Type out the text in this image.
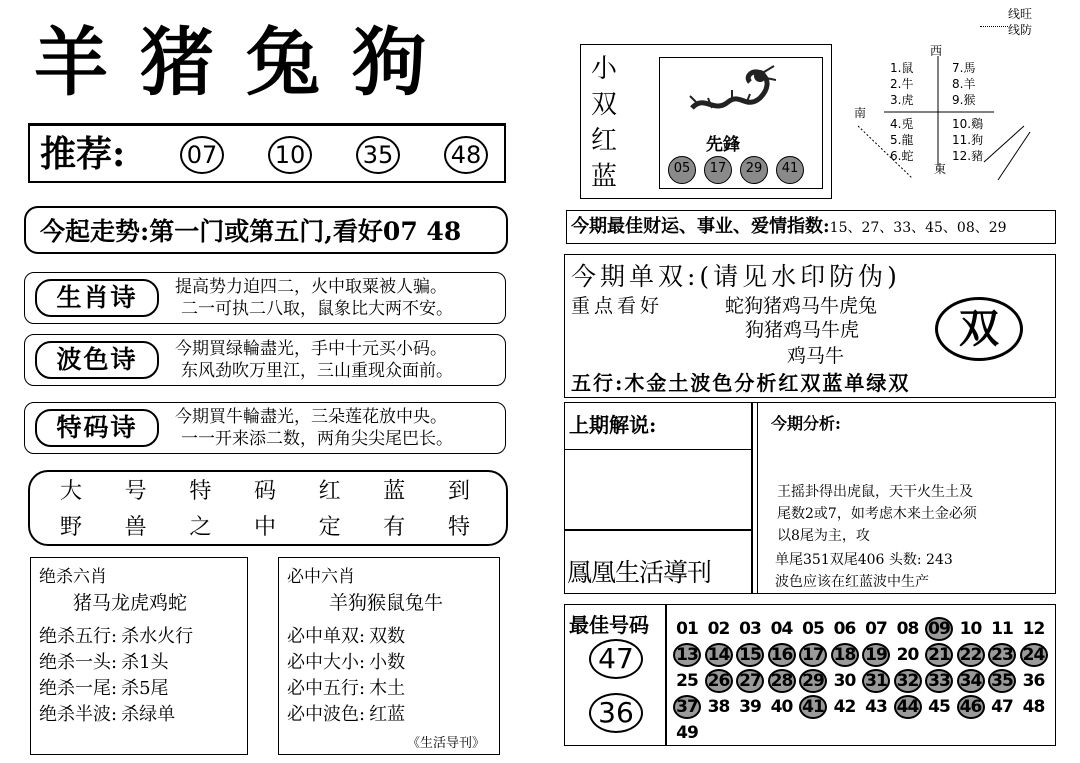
羊猪兔狗
推荐:	07 10 35 48
今起走势:第一门或第五门,看好07 48
生肖诗	提高势力迫四二，火中取粟被人骗。
二一可执二八取，鼠象比大两不安。
波色诗	今期買绿輪盡光，手中十元买小码。
东风劲吹万里江，三山重现众面前。
特码诗	今期買牛輪盡光，三朵莲花放中央。
一一开来添二数，两角尖尖尾巴长。
大 号 特 码 红 蓝 到
野 兽 之 中 定 有 特
绝杀六肖
猪马龙虎鸡蛇
绝杀五行: 杀水火行
绝杀一头: 杀1头
绝杀一尾: 杀5尾
绝杀半波: 杀绿单
必中六肖
羊狗猴鼠兔牛
必中单双: 双数
必中大小: 小数
必中五行: 木土
必中波色: 红蓝
《生活导刊》
小
双
红
蓝
先鋒
05	17	29	41
线旺
线防
西
南
東
1.鼠
2.牛
3.虎
4.兎
5.龍
6.蛇
7.馬
8.羊
9.猴
10.鷄
11.狗
12.豬
今期最佳财运、事业、爱情指数:15、27、33、45、08、29
今期单双:(请见水印防伪)
重点看好	蛇狗猪鸡马牛虎兔
狗猪鸡马牛虎
鸡马牛
双
五行:木金土波色分析红双蓝单绿双
上期解说:
鳳凰生活導刊
今期分析:
王摇卦得出虎鼠，天干火生土及
尾数2或7，如考虑木来土金必须
以8尾为主，攻
单尾351双尾406 头数: 243
波色应该在红蓝波中生产
最佳号码
47
36
01 02 03 04 05 06 07 08 09 10 11 12
13 14 15 16 17 18 19 20 21 22 23 24
25 26 27 28 29 30 31 32 33 34 35 36
37 38 39 40 41 42 43 44 45 46 47 48
49
